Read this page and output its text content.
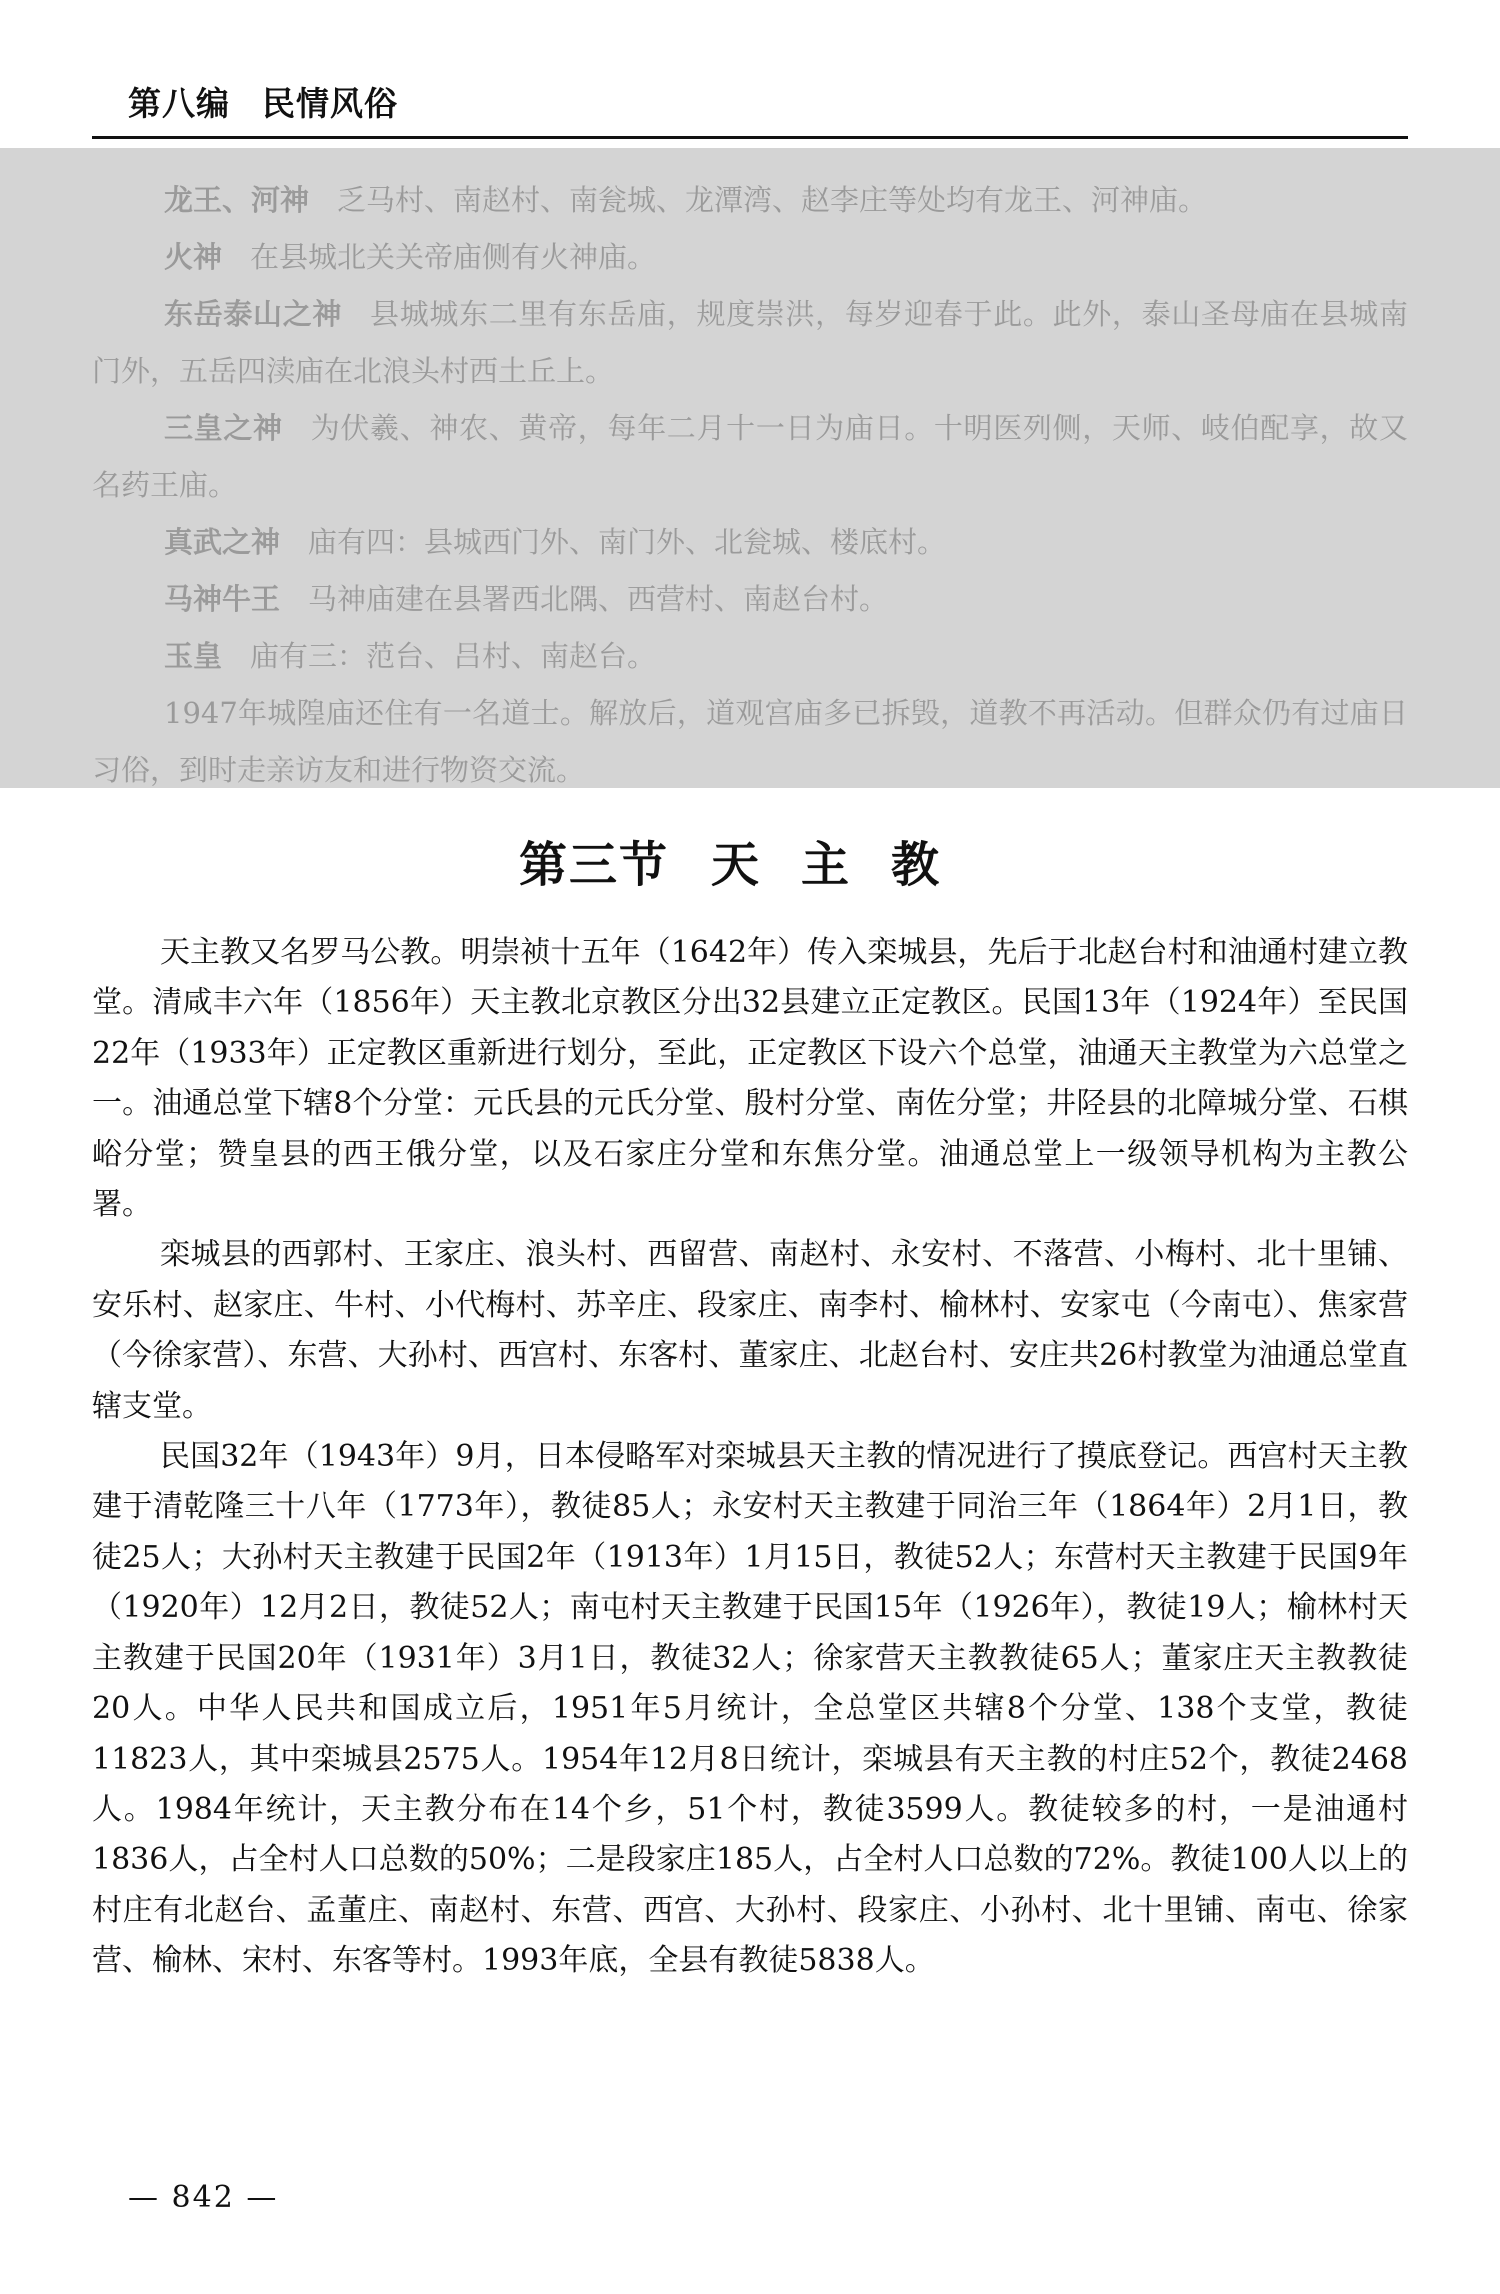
第八编 民情风俗

龙王、河神 乏马村、南赵村、南瓮城、龙潭湾、赵李庄等处均有龙王、河神庙。

火神 在县城北关关帝庙侧有火神庙。

东岳泰山之神 县城城东二里有东岳庙，规度崇洪，每岁迎春于此。此外，泰山圣母庙在县城南门外，五岳四渎庙在北浪头村西土丘上。

三皇之神 为伏羲、神农、黄帝，每年二月十一日为庙日。十明医列侧，天师、岐伯配享，故又名药王庙。

真武之神 庙有四：县城西门外、南门外、北瓮城、楼底村。

马神牛王 马神庙建在县署西北隅、西营村、南赵台村。

玉皇 庙有三：范台、吕村、南赵台。

1947年城隍庙还住有一名道士。解放后，道观宫庙多已拆毁，道教不再活动。但群众仍有过庙日习俗，到时走亲访友和进行物资交流。

第三节 天主教

天主教又名罗马公教。明崇祯十五年（1642年）传入栾城县，先后于北赵台村和油通村建立教堂。清咸丰六年（1856年）天主教北京教区分出32县建立正定教区。民国13年（1924年）至民国22年（1933年）正定教区重新进行划分，至此，正定教区下设六个总堂，油通天主教堂为六总堂之一。油通总堂下辖8个分堂：元氏县的元氏分堂、殷村分堂、南佐分堂；井陉县的北障城分堂、石棋峪分堂；赞皇县的西王俄分堂，以及石家庄分堂和东焦分堂。油通总堂上一级领导机构为主教公署。

栾城县的西郭村、王家庄、浪头村、西留营、南赵村、永安村、不落营、小梅村、北十里铺、安乐村、赵家庄、牛村、小代梅村、苏辛庄、段家庄、南李村、榆林村、安家屯（今南屯）、焦家营（今徐家营）、东营、大孙村、西宫村、东客村、董家庄、北赵台村、安庄共26村教堂为油通总堂直辖支堂。

民国32年（1943年）9月，日本侵略军对栾城县天主教的情况进行了摸底登记。西宫村天主教建于清乾隆三十八年（1773年），教徒85人；永安村天主教建于同治三年（1864年）2月1日，教徒25人；大孙村天主教建于民国2年（1913年）1月15日，教徒52人；东营村天主教建于民国9年（1920年）12月2日，教徒52人；南屯村天主教建于民国15年（1926年），教徒19人；榆林村天主教建于民国20年（1931年）3月1日，教徒32人；徐家营天主教教徒65人；董家庄天主教教徒20人。中华人民共和国成立后，1951年5月统计，全总堂区共辖8个分堂、138个支堂，教徒11823人，其中栾城县2575人。1954年12月8日统计，栾城县有天主教的村庄52个，教徒2468人。1984年统计，天主教分布在14个乡，51个村，教徒3599人。教徒较多的村，一是油通村1836人，占全村人口总数的50%；二是段家庄185人，占全村人口总数的72%。教徒100人以上的村庄有北赵台、孟董庄、南赵村、东营、西宫、大孙村、段家庄、小孙村、北十里铺、南屯、徐家营、榆林、宋村、东客等村。1993年底，全县有教徒5838人。

— 842 —
